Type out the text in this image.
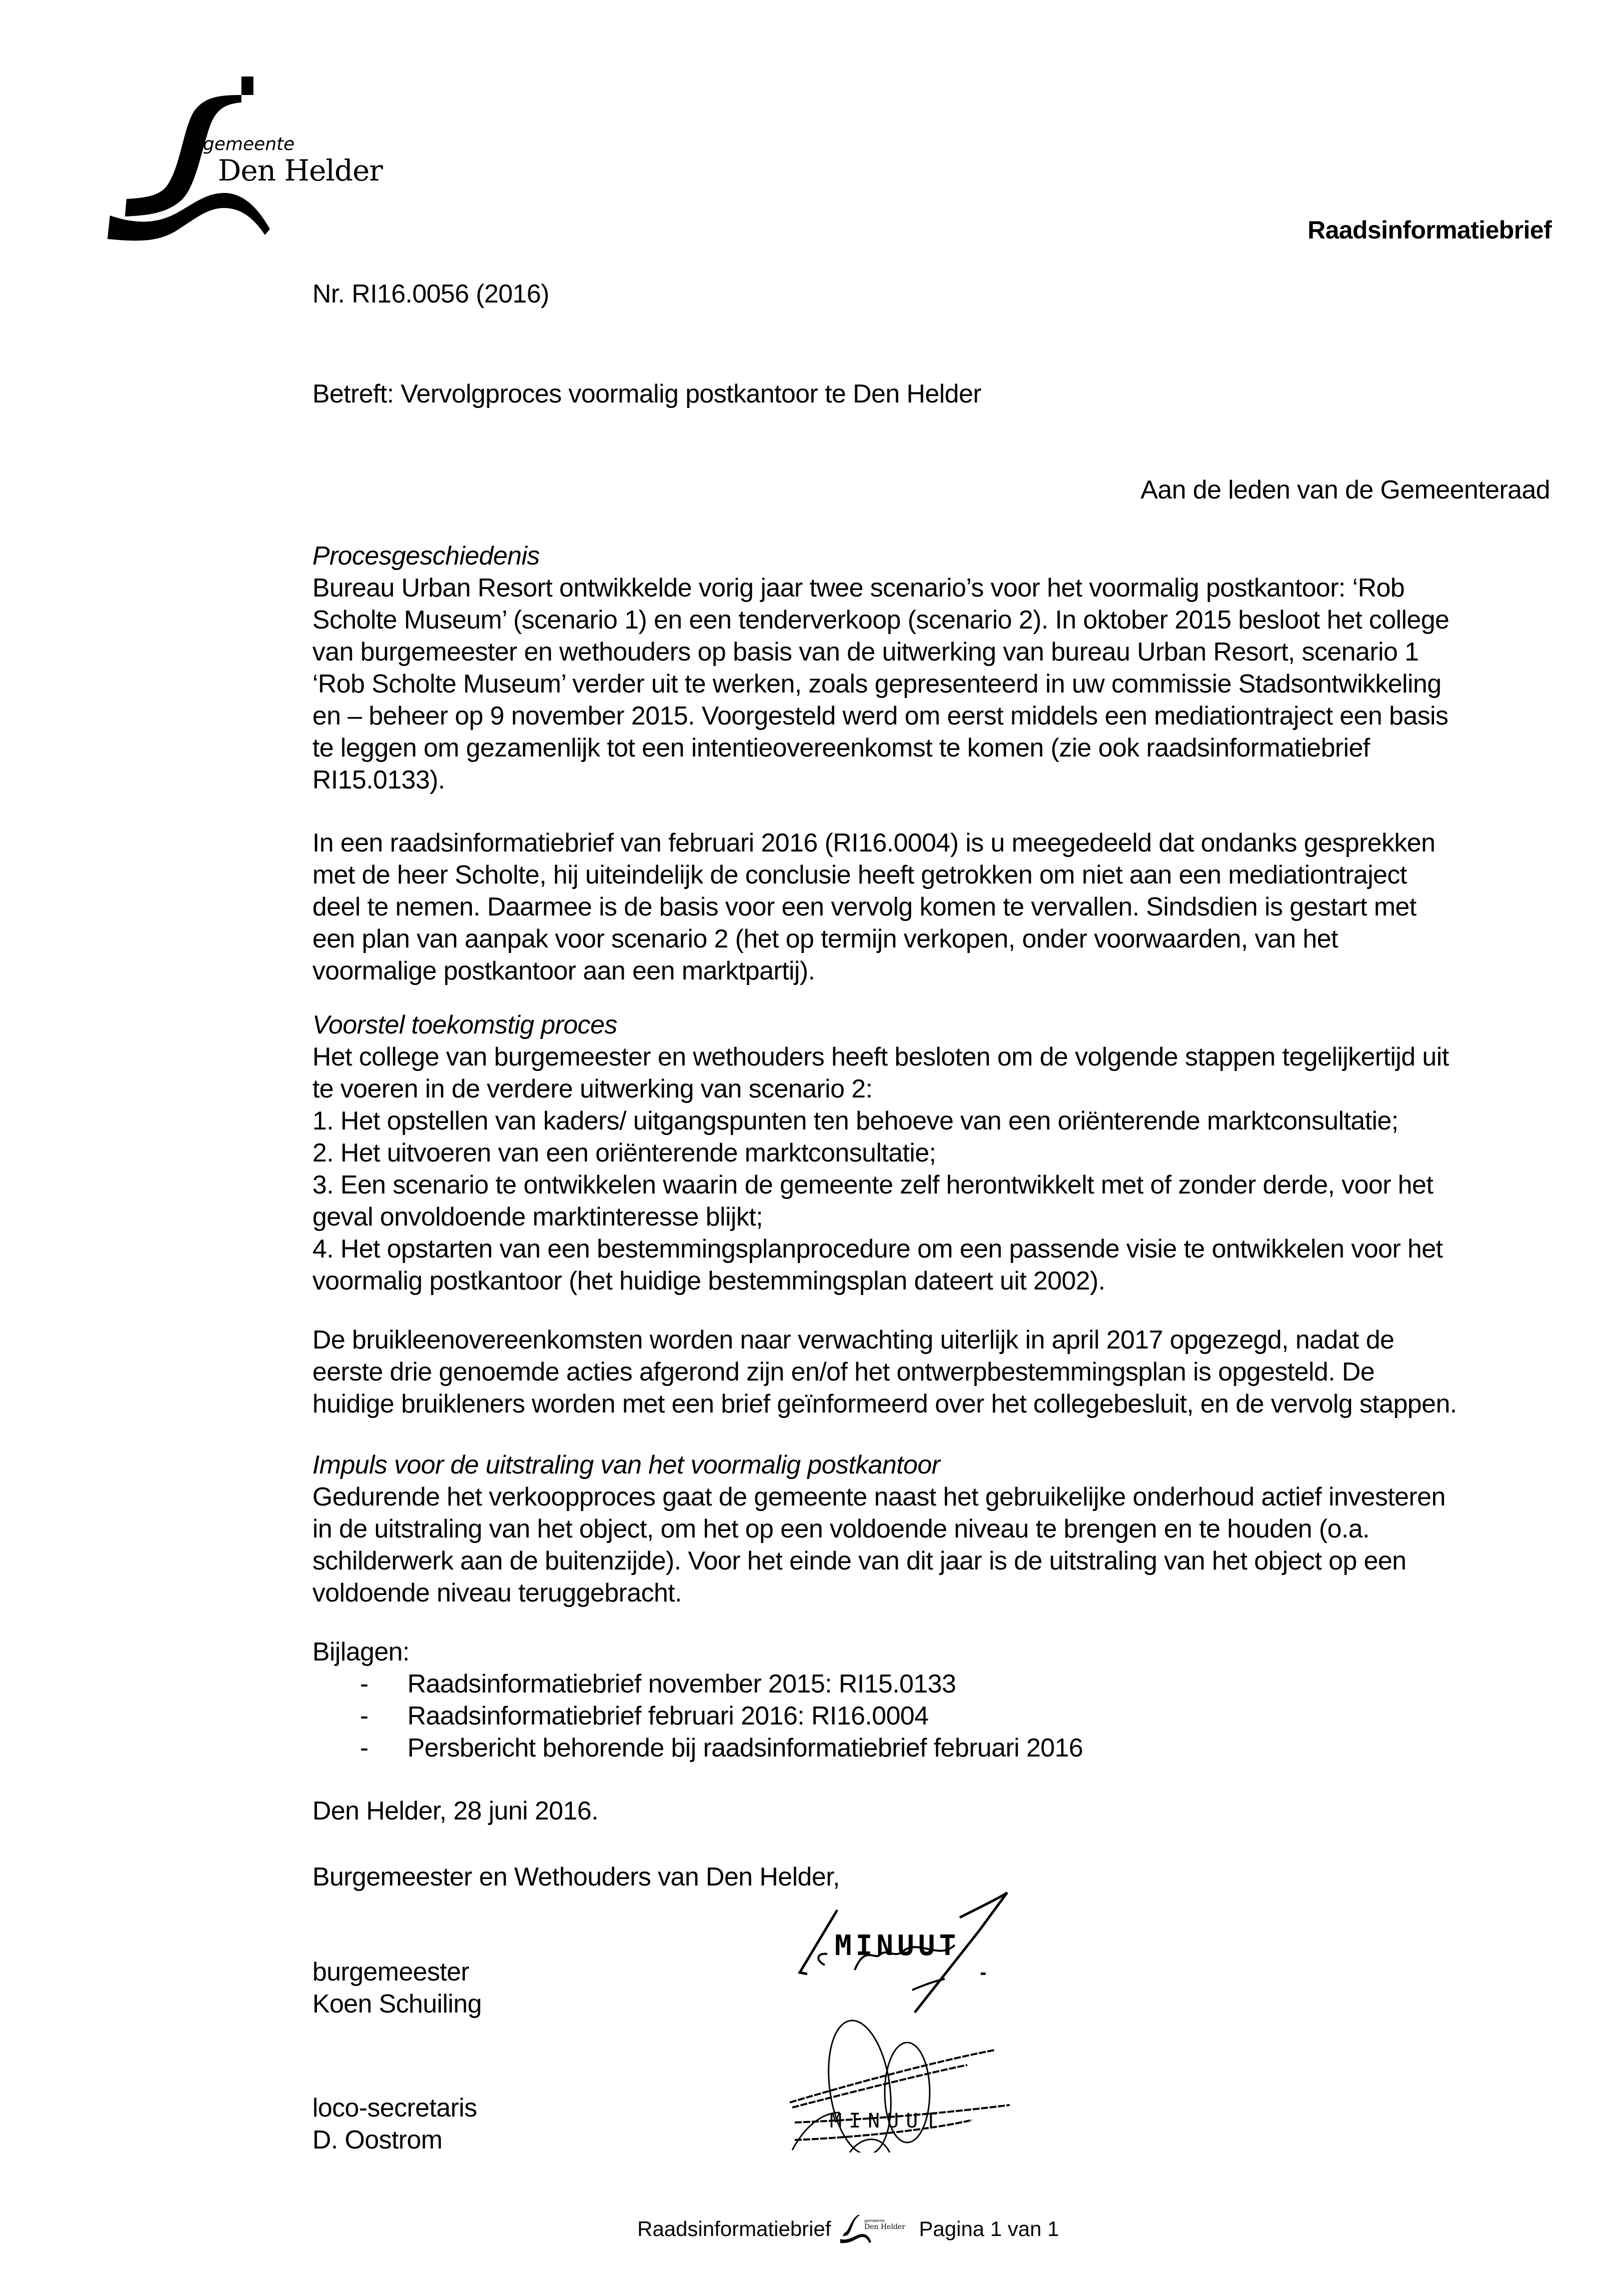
gemeente
Den Helder
Raadsinformatiebrief
Nr. RI16.0056 (2016)
Betreft: Vervolgproces voormalig postkantoor te Den Helder
Aan de leden van de Gemeenteraad
Procesgeschiedenis
Bureau Urban Resort ontwikkelde vorig jaar twee scenario’s voor het voormalig postkantoor: ‘Rob
Scholte Museum’ (scenario 1) en een tenderverkoop (scenario 2). In oktober 2015 besloot het college
van burgemeester en wethouders op basis van de uitwerking van bureau Urban Resort, scenario 1
‘Rob Scholte Museum’ verder uit te werken, zoals gepresenteerd in uw commissie Stadsontwikkeling
en – beheer op 9 november 2015. Voorgesteld werd om eerst middels een mediationtraject een basis
te leggen om gezamenlijk tot een intentieovereenkomst te komen (zie ook raadsinformatiebrief
RI15.0133).
In een raadsinformatiebrief van februari 2016 (RI16.0004) is u meegedeeld dat ondanks gesprekken
met de heer Scholte, hij uiteindelijk de conclusie heeft getrokken om niet aan een mediationtraject
deel te nemen. Daarmee is de basis voor een vervolg komen te vervallen. Sindsdien is gestart met
een plan van aanpak voor scenario 2 (het op termijn verkopen, onder voorwaarden, van het
voormalige postkantoor aan een marktpartij).
Voorstel toekomstig proces
Het college van burgemeester en wethouders heeft besloten om de volgende stappen tegelijkertijd uit
te voeren in de verdere uitwerking van scenario 2:
1. Het opstellen van kaders/ uitgangspunten ten behoeve van een oriënterende marktconsultatie;
2. Het uitvoeren van een oriënterende marktconsultatie;
3. Een scenario te ontwikkelen waarin de gemeente zelf herontwikkelt met of zonder derde, voor het
geval onvoldoende marktinteresse blijkt;
4. Het opstarten van een bestemmingsplanprocedure om een passende visie te ontwikkelen voor het
voormalig postkantoor (het huidige bestemmingsplan dateert uit 2002).
De bruikleenovereenkomsten worden naar verwachting uiterlijk in april 2017 opgezegd, nadat de
eerste drie genoemde acties afgerond zijn en/of het ontwerpbestemmingsplan is opgesteld. De
huidige bruikleners worden met een brief geïnformeerd over het collegebesluit, en de vervolg stappen.
Impuls voor de uitstraling van het voormalig postkantoor
Gedurende het verkoopproces gaat de gemeente naast het gebruikelijke onderhoud actief investeren
in de uitstraling van het object, om het op een voldoende niveau te brengen en te houden (o.a.
schilderwerk aan de buitenzijde). Voor het einde van dit jaar is de uitstraling van het object op een
voldoende niveau teruggebracht.
Bijlagen:
- Raadsinformatiebrief november 2015: RI15.0133
- Raadsinformatiebrief februari 2016: RI16.0004
- Persbericht behorende bij raadsinformatiebrief februari 2016
Den Helder, 28 juni 2016.
Burgemeester en Wethouders van Den Helder,
burgemeester
Koen Schuiling
loco-secretaris
D. Oostrom
MINUUT
MINUUT
Raadsinformatiebrief	gemeente
Den Helder Pagina 1 van 1
